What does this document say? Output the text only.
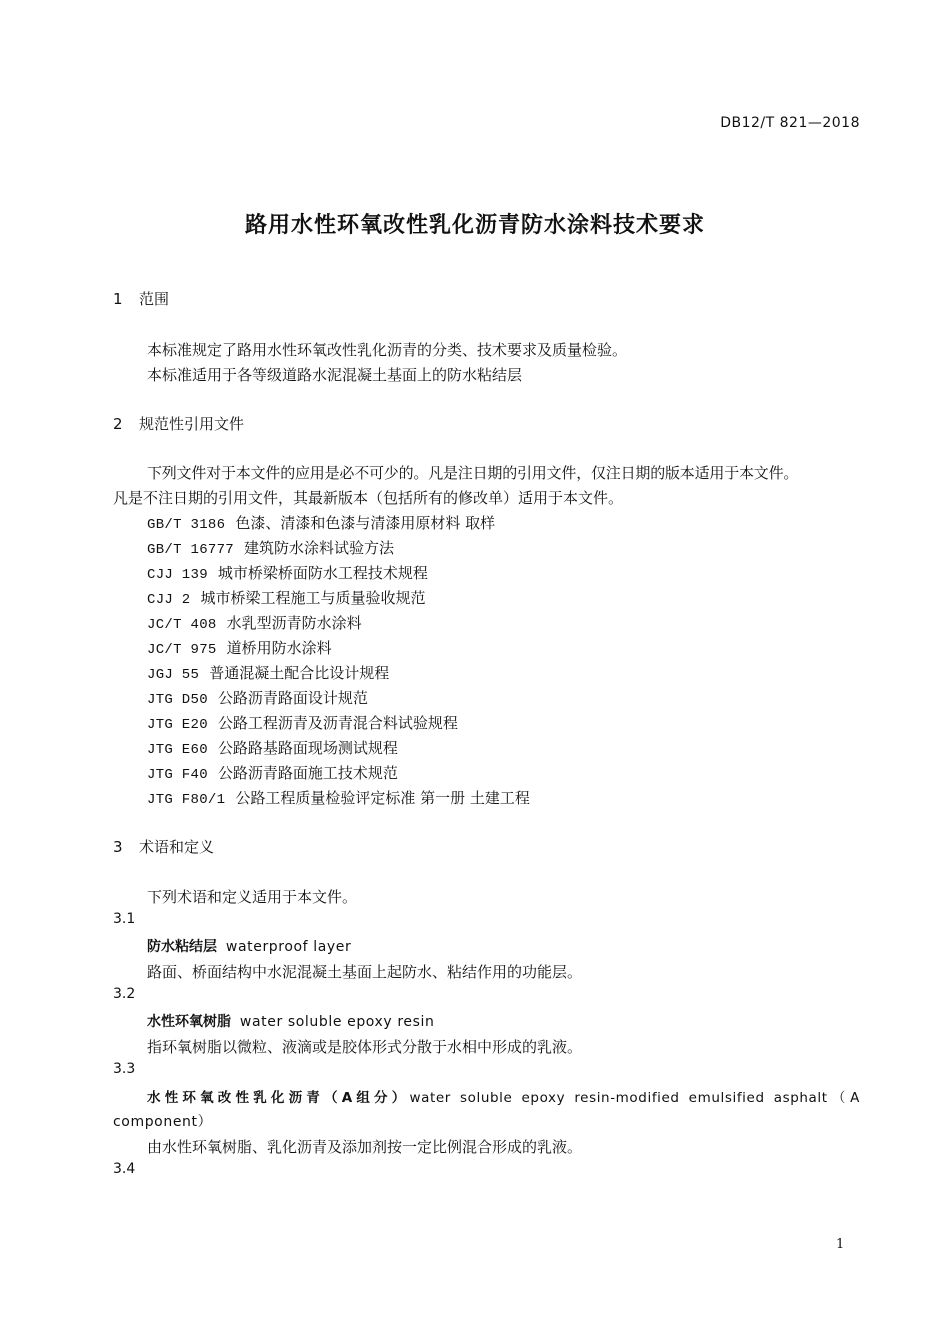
DB12/T 821—2018
路用水性环氧改性乳化沥青防水涂料技术要求
1 范围
本标准规定了路用水性环氧改性乳化沥青的分类、技术要求及质量检验。
本标准适用于各等级道路水泥混凝土基面上的防水粘结层
2 规范性引用文件
下列文件对于本文件的应用是必不可少的。凡是注日期的引用文件，仅注日期的版本适用于本文件。
凡是不注日期的引用文件，其最新版本（包括所有的修改单）适用于本文件。
GB/T 3186 色漆、清漆和色漆与清漆用原材料 取样
GB/T 16777 建筑防水涂料试验方法
CJJ 139 城市桥梁桥面防水工程技术规程
CJJ 2 城市桥梁工程施工与质量验收规范
JC/T 408 水乳型沥青防水涂料
JC/T 975 道桥用防水涂料
JGJ 55 普通混凝土配合比设计规程
JTG D50 公路沥青路面设计规范
JTG E20 公路工程沥青及沥青混合料试验规程
JTG E60 公路路基路面现场测试规程
JTG F40 公路沥青路面施工技术规范
JTG F80/1 公路工程质量检验评定标准 第一册 土建工程
3 术语和定义
下列术语和定义适用于本文件。
3.1
防水粘结层 waterproof layer
路面、桥面结构中水泥混凝土基面上起防水、粘结作用的功能层。
3.2
水性环氧树脂 water soluble epoxy resin
指环氧树脂以微粒、液滴或是胶体形式分散于水相中形成的乳液。
3.3
水性环氧改性乳化沥青（A组分）water soluble epoxy resin-modified emulsified asphalt（A
component）
由水性环氧树脂、乳化沥青及添加剂按一定比例混合形成的乳液。
3.4
1
